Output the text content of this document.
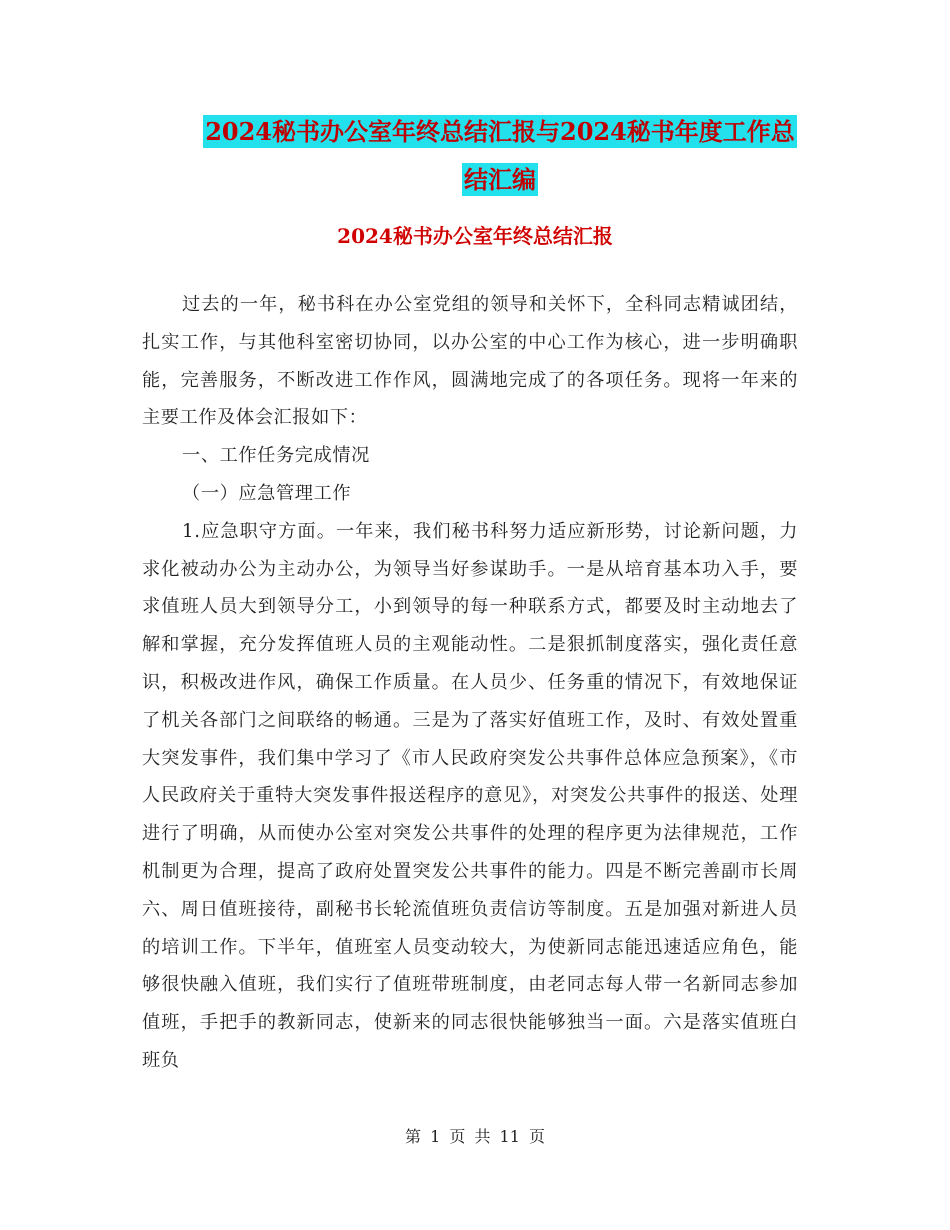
2024秘书办公室年终总结汇报与2024秘书年度工作总
结汇编
2024秘书办公室年终总结汇报

过去的一年，秘书科在办公室党组的领导和关怀下，全科同志精诚团结，扎实工作，与其他科室密切协同，以办公室的中心工作为核心，进一步明确职能，完善服务，不断改进工作作风，圆满地完成了的各项任务。现将一年来的主要工作及体会汇报如下：

一、工作任务完成情况

（一）应急管理工作

1.应急职守方面。一年来，我们秘书科努力适应新形势，讨论新问题，力求化被动办公为主动办公，为领导当好参谋助手。一是从培育基本功入手，要求值班人员大到领导分工，小到领导的每一种联系方式，都要及时主动地去了解和掌握，充分发挥值班人员的主观能动性。二是狠抓制度落实，强化责任意识，积极改进作风，确保工作质量。在人员少、任务重的情况下，有效地保证了机关各部门之间联络的畅通。三是为了落实好值班工作，及时、有效处置重大突发事件，我们集中学习了《市人民政府突发公共事件总体应急预案》，《市人民政府关于重特大突发事件报送程序的意见》，对突发公共事件的报送、处理进行了明确，从而使办公室对突发公共事件的处理的程序更为法律规范，工作机制更为合理，提高了政府处置突发公共事件的能力。四是不断完善副市长周六、周日值班接待，副秘书长轮流值班负责信访等制度。五是加强对新进人员的培训工作。下半年，值班室人员变动较大，为使新同志能迅速适应角色，能够很快融入值班，我们实行了值班带班制度，由老同志每人带一名新同志参加值班，手把手的教新同志，使新来的同志很快能够独当一面。六是落实值班白班负

第 1 页 共 11 页
